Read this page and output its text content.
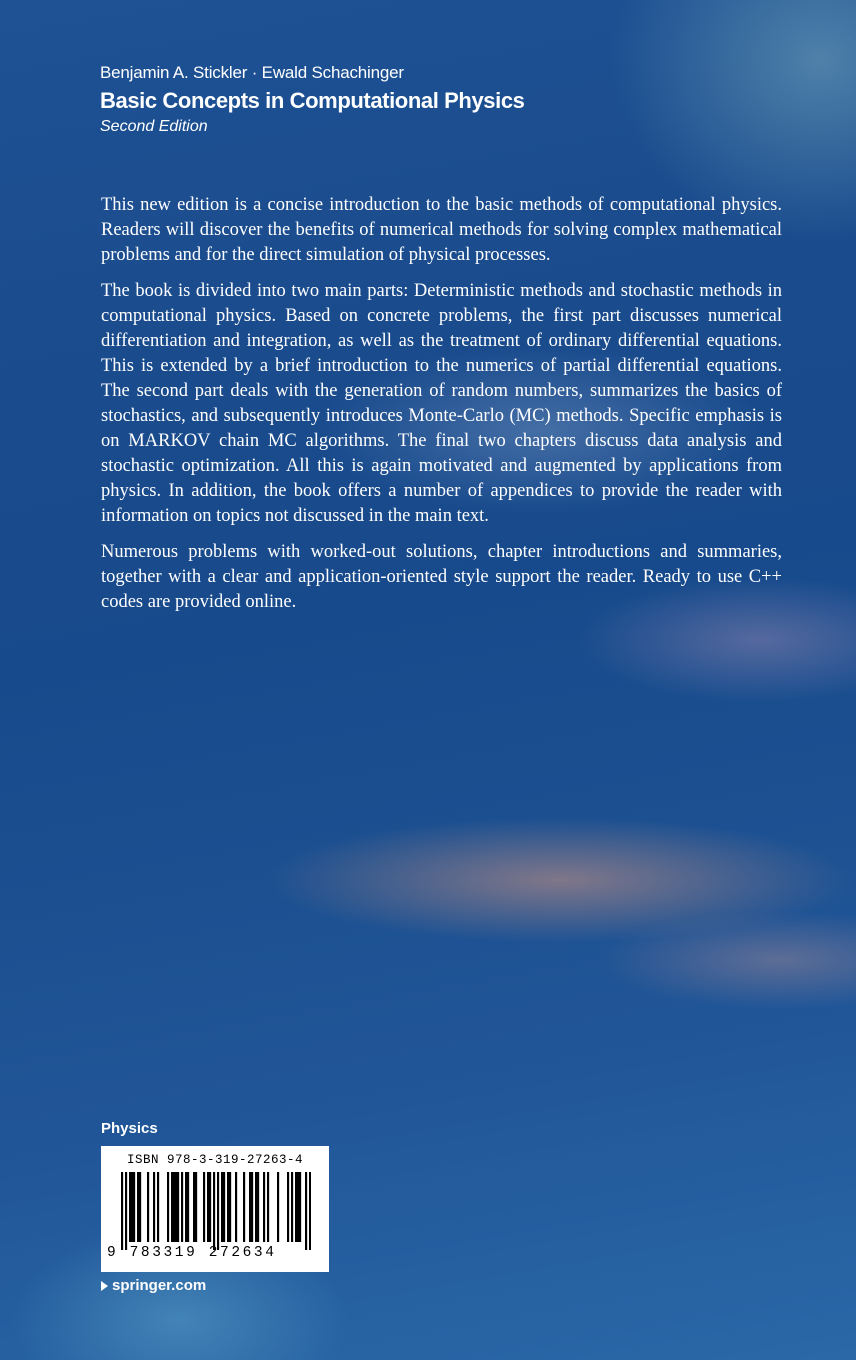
Benjamin A. Stickler · Ewald Schachinger
Basic Concepts in Computational Physics
Second Edition

This new edition is a concise introduction to the basic methods of computational physics. Readers will discover the benefits of numerical methods for solving complex mathematical problems and for the direct simulation of physical processes.

The book is divided into two main parts: Deterministic methods and stochastic methods in computational physics. Based on concrete problems, the first part discusses numerical differentiation and integration, as well as the treatment of ordinary differential equations. This is extended by a brief introduction to the numerics of partial differential equations. The second part deals with the generation of random numbers, summarizes the basics of stochastics, and subsequently introduces Monte-Carlo (MC) methods. Specific emphasis is on MARKOV chain MC algorithms. The final two chapters discuss data analysis and stochastic optimization. All this is again motivated and augmented by applications from physics. In addition, the book offers a number of appendices to provide the reader with information on topics not discussed in the main text.

Numerous problems with worked-out solutions, chapter introductions and summaries, together with a clear and application-oriented style support the reader. Ready to use C++ codes are provided online.

Physics
ISBN 978-3-319-27263-4
9 783319 272634
springer.com
